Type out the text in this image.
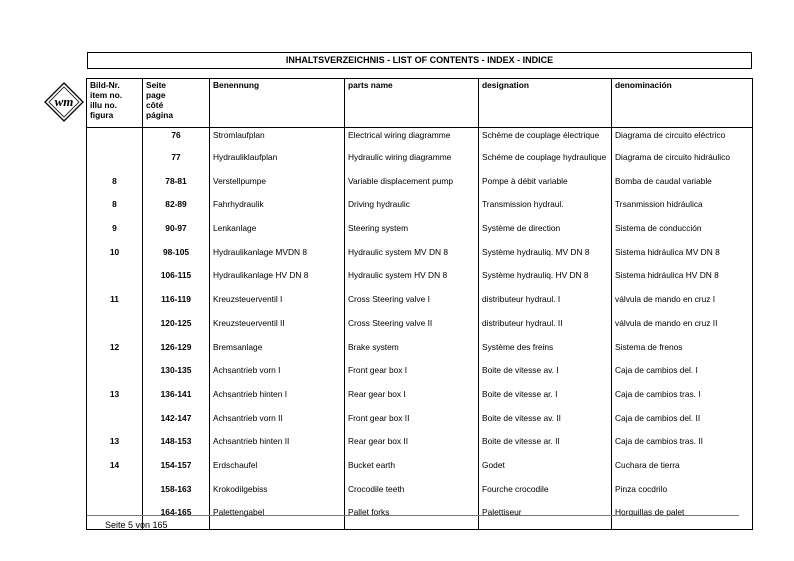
INHALTSVERZEICHNIS - LIST OF CONTENTS - INDEX - INDICE
wm
Bild-Nr.
item no.
illu no.
figura	Seite
page
côté
página	Benennung	parts name	designation	denominación
	76	Stromlaufplan	Electrical wiring diagramme	Schéme de couplage électrique	Diagrama de circuito eléctrico
	77	Hydrauliklaufplan	Hydraulic wiring diagramme	Schéme de couplage hydraulique	Diagrama de circuito hidráulico
8	78-81	Verstellpumpe	Variable displacement pump	Pompe à débit variable	Bomba de caudal variable
8	82-89	Fahrhydraulik	Driving hydraulic	Transmission hydraul.	Trsanmission hidráulica
9	90-97	Lenkanlage	Steering system	Système de direction	Sistema de conducción
10	98-105	Hydraulikanlage MVDN 8	Hydraulic system MV DN 8	Système hydrauliq. MV DN 8	Sistema hidráulica MV DN 8
	106-115	Hydraulikanlage HV DN 8	Hydraulic system HV DN 8	Système hydrauliq. HV DN 8	Sistema hidráulica HV DN 8
11	116-119	Kreuzsteuerventil I	Cross Steering valve I	distributeur hydraul. I	válvula de mando en cruz I
	120-125	Kreuzsteuerventil II	Cross Steering valve II	distributeur hydraul. II	válvula de mando en cruz II
12	126-129	Bremsanlage	Brake system	Système des freins	Sistema de frenos
	130-135	Achsantrieb vorn I	Front gear box I	Boite de vitesse av. I	Caja de cambios del. I
13	136-141	Achsantrieb hinten I	Rear gear box I	Boite de vitesse ar. I	Caja de cambios tras. I
	142-147	Achsantrieb vorn II	Front gear box II	Boite de vitesse av. II	Caja de cambios del. II
13	148-153	Achsantrieb hinten II	Rear gear box II	Boite de vitesse ar. II	Caja de cambios tras. II
14	154-157	Erdschaufel	Bucket earth	Godet	Cuchara de tierra
	158-163	Krokodilgebiss	Crocodile teeth	Fourche crocodile	Pinza cocdrilo
	164-165	Palettengabel	Pallet forks	Palettiseur	Horquillas de palet
Seite 5 von 165
